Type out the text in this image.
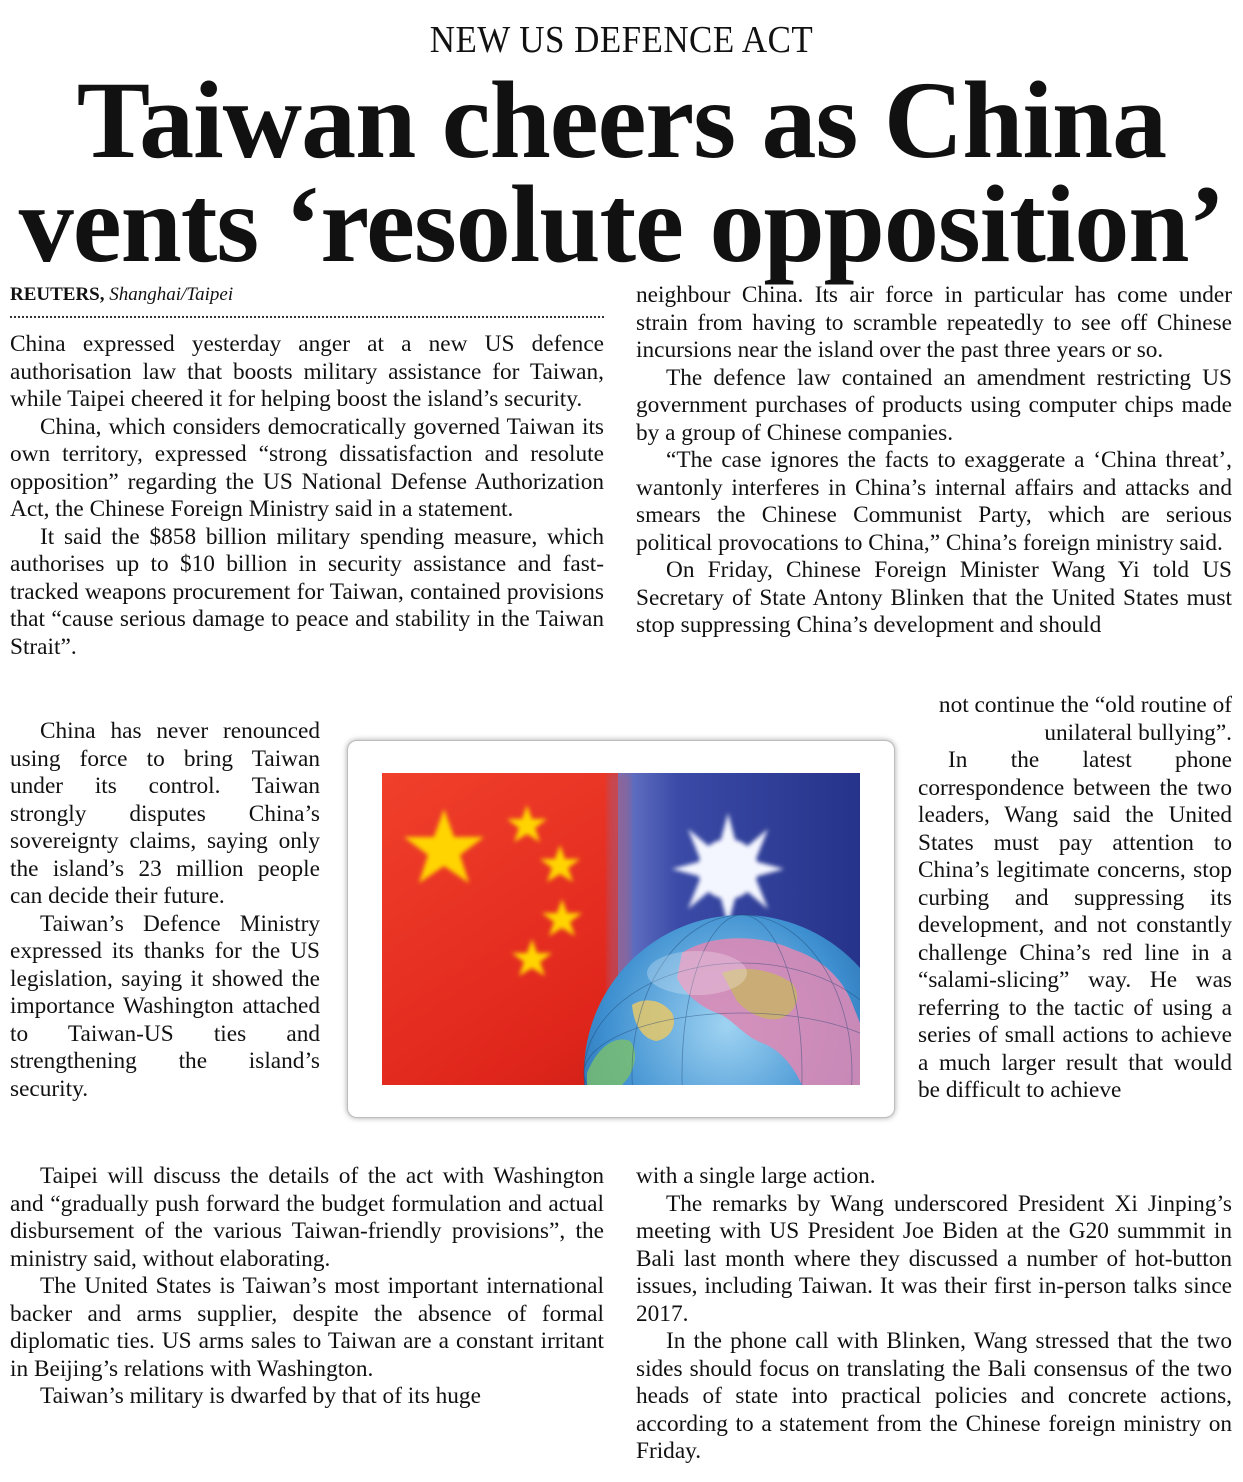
NEW US DEFENCE ACT
Taiwan cheers as China
vents ‘resolute opposition’
REUTERS, Shanghai/Taipei

China expressed yesterday anger at a new US defence authorisation law that boosts military assistance for Taiwan, while Taipei cheered it for helping boost the island’s security.

China, which considers democratically governed Taiwan its own territory, expressed “strong dissatisfaction and resolute opposition” regarding the US National Defense Authorization Act, the Chinese Foreign Ministry said in a statement.

It said the $858 billion military spending measure, which authorises up to $10 billion in security assistance and fast-tracked weapons procurement for Taiwan, contained provisions that “cause serious damage to peace and stability in the Taiwan Strait”.

China has never renounced using force to bring Taiwan under its control. Taiwan strongly disputes China’s sovereignty claims, saying only the island’s 23 million people can decide their future.

Taiwan’s Defence Ministry expressed its thanks for the US legislation, saying it showed the importance Washington attached to Taiwan-US ties and strengthening the island’s security.

Taipei will discuss the details of the act with Washington and “gradually push forward the budget formulation and actual disbursement of the various Taiwan-friendly provisions”, the ministry said, without elaborating.

The United States is Taiwan’s most important international backer and arms supplier, despite the absence of formal diplomatic ties. US arms sales to Taiwan are a constant irritant in Beijing’s relations with Washington.

Taiwan’s military is dwarfed by that of its huge

neighbour China. Its air force in particular has come under strain from having to scramble repeatedly to see off Chinese incursions near the island over the past three years or so.

The defence law contained an amendment restricting US government purchases of products using computer chips made by a group of Chinese companies.

“The case ignores the facts to exaggerate a ‘China threat’, wantonly interferes in China’s internal affairs and attacks and smears the Chinese Communist Party, which are serious political provocations to China,” China’s foreign ministry said.

On Friday, Chinese Foreign Minister Wang Yi told US Secretary of State Antony Blinken that the United States must stop suppressing China’s development and should

not continue the “old routine of unilateral bullying”.

In the latest phone correspondence between the two leaders, Wang said the United States must pay attention to China’s legitimate concerns, stop curbing and suppressing its development, and not constantly challenge China’s red line in a “salami-slicing” way. He was referring to the tactic of using a series of small actions to achieve a much larger result that would be difficult to achieve

with a single large action.

The remarks by Wang underscored President Xi Jinping’s meeting with US President Joe Biden at the G20 summmit in Bali last month where they discussed a number of hot-button issues, including Taiwan. It was their first in-person talks since 2017.

In the phone call with Blinken, Wang stressed that the two sides should focus on translating the Bali consensus of the two heads of state into practical policies and concrete actions, according to a statement from the Chinese foreign ministry on Friday.
